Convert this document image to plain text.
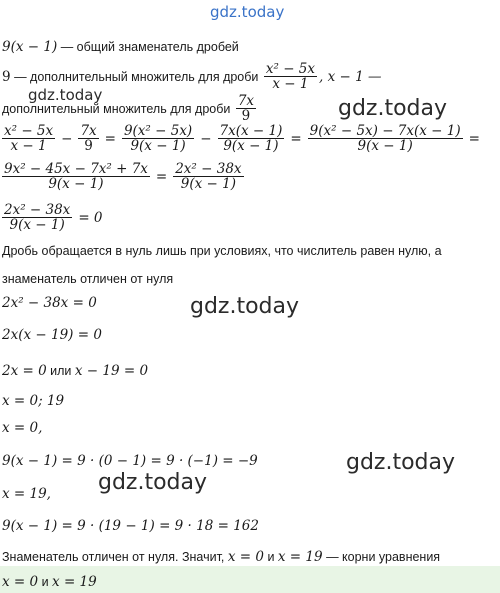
gdz.today
9(x − 1) — общий знаменатель дробей
9 — дополнительный множитель для дроби $\frac{\text{x² − 5x}}{x - 1}$ , x − 1 —
gdz.today
дополнительный множитель для дроби $\frac{7x}{9}$	gdz.today
$\frac{\text{x² − 5x}}{x - 1} - \frac{7x}{9} = \frac{\text{9(x² − 5x)}}{9(x - 1)} - \frac{7x(x - 1)}{9(x - 1)} = \frac{\text{9(x² − 5x) − 7x(x − 1)}}{9(x - 1)}$ =
$\frac{\text{9x² − 45x − 7x² + 7x}}{9(x - 1)} = \frac{\text{2x² − 38x}}{9(x - 1)}$
$\frac{\text{2x² − 38x}}{9(x - 1)} = 0$
Дробь обращается в нуль лишь при условиях, что числитель равен нулю, а
знаменатель отличен от нуля
2x² − 38x = 0	gdz.today
2x(x − 19) = 0
2x = 0 или x − 19 = 0
x = 0; 19
x = 0,
9(x − 1) = 9 · (0 − 1) = 9 · (−1) = −9	gdz.today
gdz.today
x = 19,
9(x − 1) = 9 · (19 − 1) = 9 · 18 = 162
Знаменатель отличен от нуля. Значит, x = 0 и x = 19 — корни уравнения
x = 0 и x = 19
